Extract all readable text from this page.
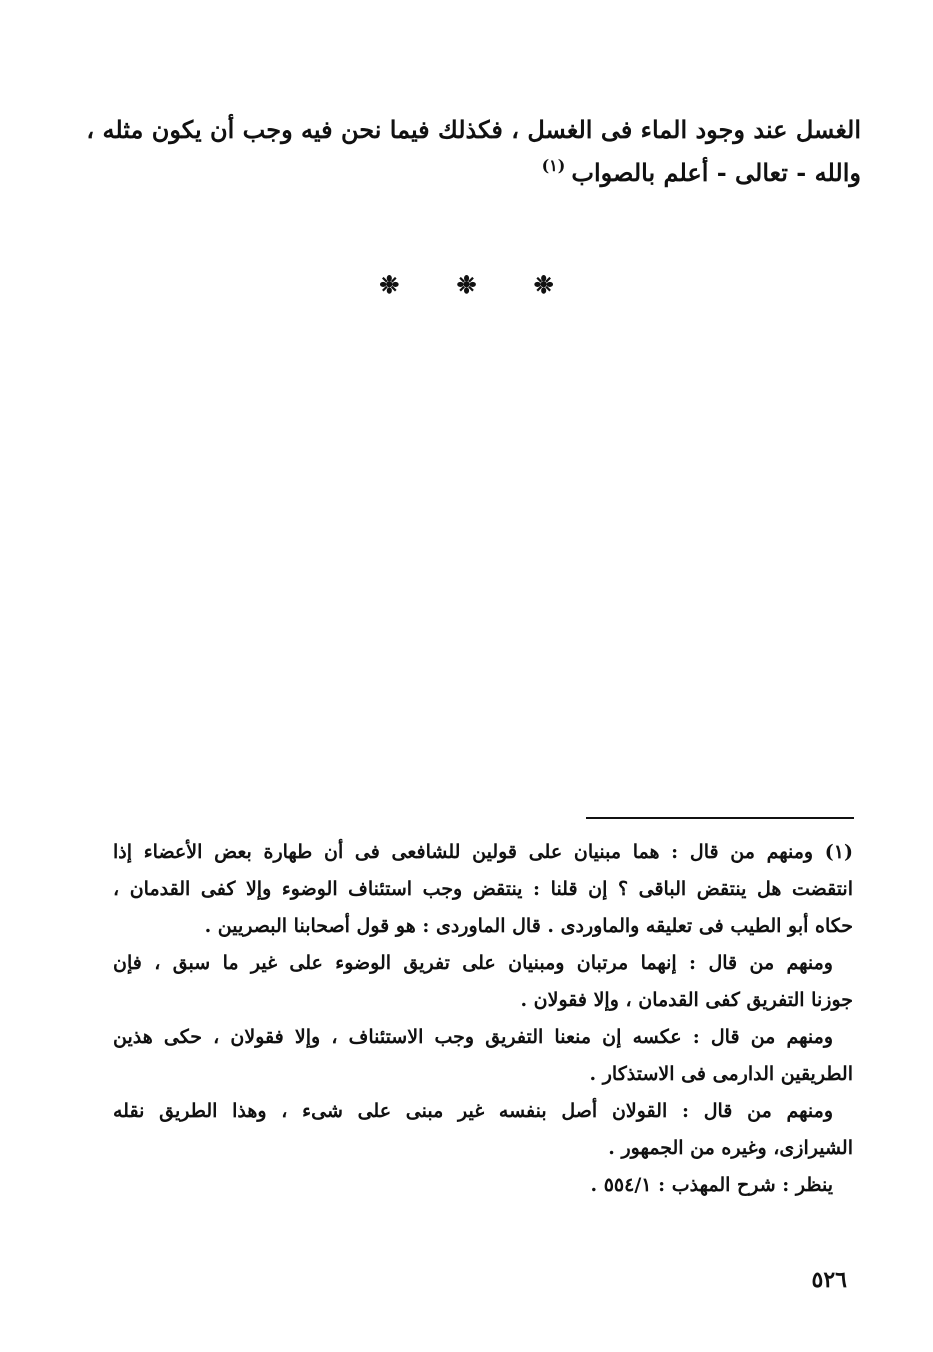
الغسل عند وجود الماء فى الغسل ، فكذلك فيما نحن فيه وجب أن يكون مثله ،
والله - تعالى - أعلم بالصواب$^{(١)}$
❉ ❉ ❉
(١) ومنهم من قال : هما مبنيان على قولين للشافعى فى أن طهارة بعض الأعضاء إذا
انتقضت هل ينتقض الباقى ؟ إن قلنا : ينتقض وجب استئناف الوضوء وإلا كفى القدمان ،
حكاه أبو الطيب فى تعليقه والماوردى . قال الماوردى : هو قول أصحابنا البصريين .
ومنهم من قال : إنهما مرتبان ومبنيان على تفريق الوضوء على غير ما سبق ، فإن
جوزنا التفريق كفى القدمان ، وإلا فقولان .
ومنهم من قال : عكسه إن منعنا التفريق وجب الاستئناف ، وإلا فقولان ، حكى هذين
الطريقين الدارمى فى الاستذكار .
ومنهم من قال : القولان أصل بنفسه غير مبنى على شىء ، وهذا الطريق نقله
الشيرازى، وغيره من الجمهور .
ينظر : شرح المهذب : ٥٥٤/١ .
٥٢٦
